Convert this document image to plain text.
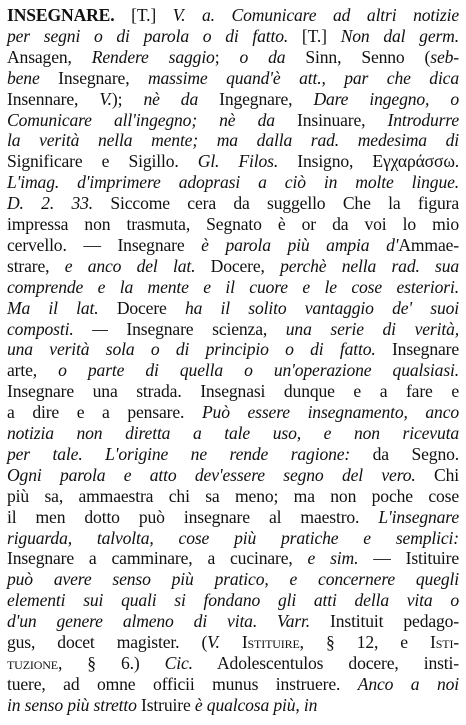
INSEGNARE. [T.] V. a. Comunicare ad altri notizie
per segni o di parola o di fatto. [T.] Non dal germ.
Ansagen, Rendere saggio; o da Sinn, Senno (seb-
bene Insegnare, massime quand'è att., par che dica
Insennare, V.); nè da Ingegnare, Dare ingegno, o
Comunicare all'ingegno; nè da Insinuare, Introdurre
la verità nella mente; ma dalla rad. medesima di
Significare e Sigillo. Gl. Filos. Insigno, Εγχαράσσω.
L'imag. d'imprimere adoprasi a ciò in molte lingue.
D. 2. 33. Siccome cera da suggello Che la figura
impressa non trasmuta, Segnato è or da voi lo mio
cervello. — Insegnare è parola più ampia d'Ammae-
strare, e anco del lat. Docere, perchè nella rad. sua
comprende e la mente e il cuore e le cose esteriori.
Ma il lat. Docere ha il solito vantaggio de' suoi
composti. — Insegnare scienza, una serie di verità,
una verità sola o di principio o di fatto. Insegnare
arte, o parte di quella o un'operazione qualsiasi.
Insegnare una strada. Insegnasi dunque e a fare e
a dire e a pensare. Può essere insegnamento, anco
notizia non diretta a tale uso, e non ricevuta
per tale. L'origine ne rende ragione: da Segno.
Ogni parola e atto dev'essere segno del vero. Chi
più sa, ammaestra chi sa meno; ma non poche cose
il men dotto può insegnare al maestro. L'insegnare
riguarda, talvolta, cose più pratiche e semplici:
Insegnare a camminare, a cucinare, e sim. — Istituire
può avere senso più pratico, e concernere quegli
elementi sui quali si fondano gli atti della vita o
d'un genere almeno di vita. Varr. Instituit pedago-
gus, docet magister. (V. Istituire, § 12, e Isti-
tuzione, § 6.) Cic. Adolescentulos docere, insti-
tuere, ad omne officii munus instruere. Anco a noi
in senso più stretto Istruire è qualcosa più, in
